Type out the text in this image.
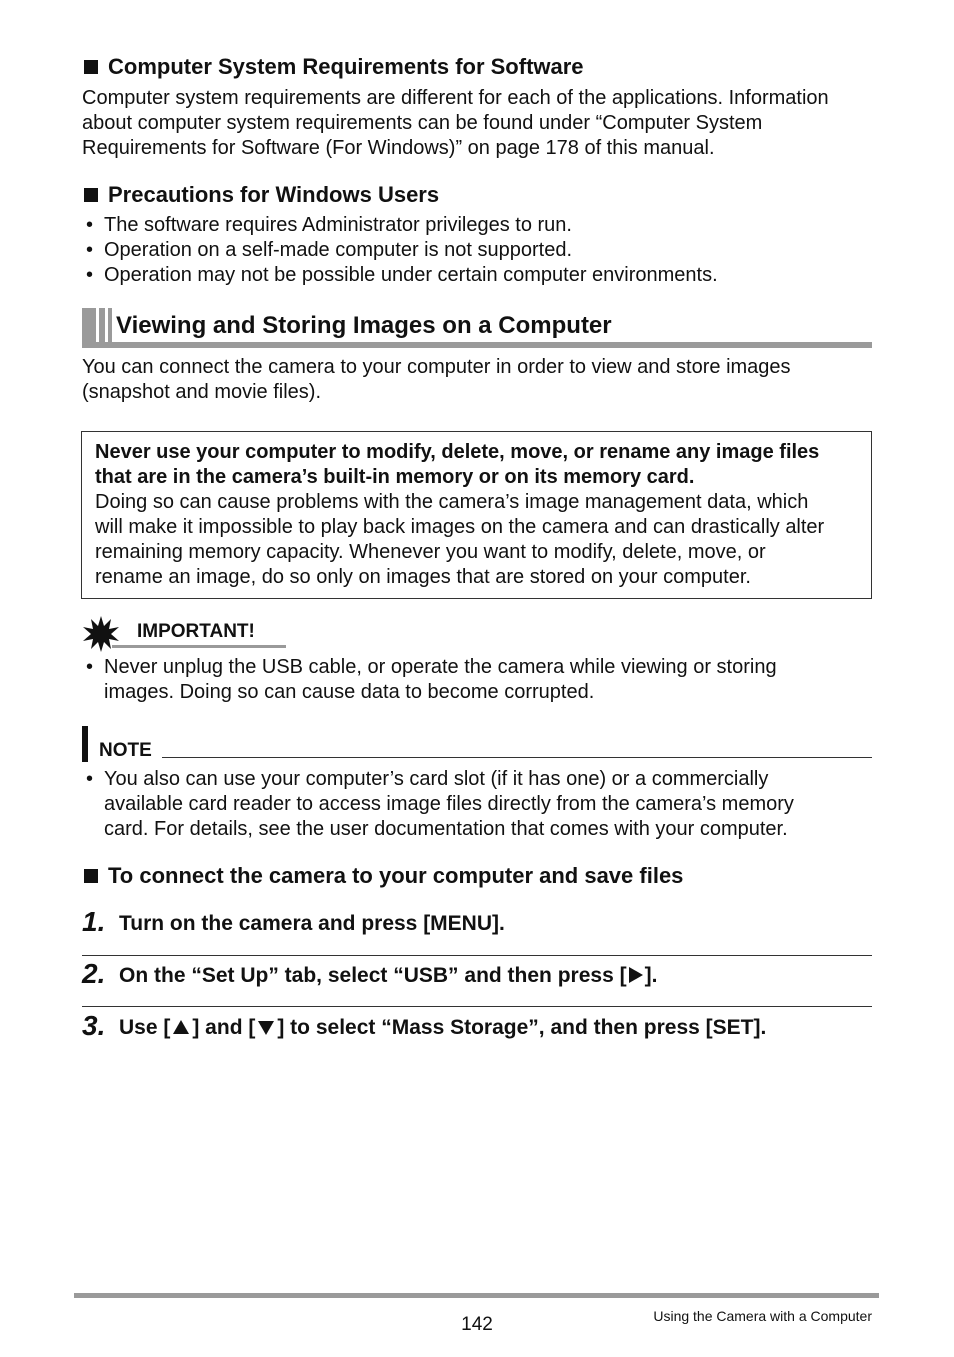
Computer System Requirements for Software
Computer system requirements are different for each of the applications. Information
about computer system requirements can be found under “Computer System
Requirements for Software (For Windows)” on page 178 of this manual.
Precautions for Windows Users
• The software requires Administrator privileges to run.
• Operation on a self-made computer is not supported.
• Operation may not be possible under certain computer environments.
Viewing and Storing Images on a Computer
You can connect the camera to your computer in order to view and store images
(snapshot and movie files).
Never use your computer to modify, delete, move, or rename any image files
that are in the camera’s built-in memory or on its memory card.
Doing so can cause problems with the camera’s image management data, which
will make it impossible to play back images on the camera and can drastically alter
remaining memory capacity. Whenever you want to modify, delete, move, or
rename an image, do so only on images that are stored on your computer.
IMPORTANT!
• Never unplug the USB cable, or operate the camera while viewing or storing
images. Doing so can cause data to become corrupted.
NOTE
• You also can use your computer’s card slot (if it has one) or a commercially
available card reader to access image files directly from the camera’s memory
card. For details, see the user documentation that comes with your computer.
To connect the camera to your computer and save files
1. Turn on the camera and press [MENU].
2. On the “Set Up” tab, select “USB” and then press [ ].
3. Use [ ] and [ ] to select “Mass Storage”, and then press [SET].
142	Using the Camera with a Computer
